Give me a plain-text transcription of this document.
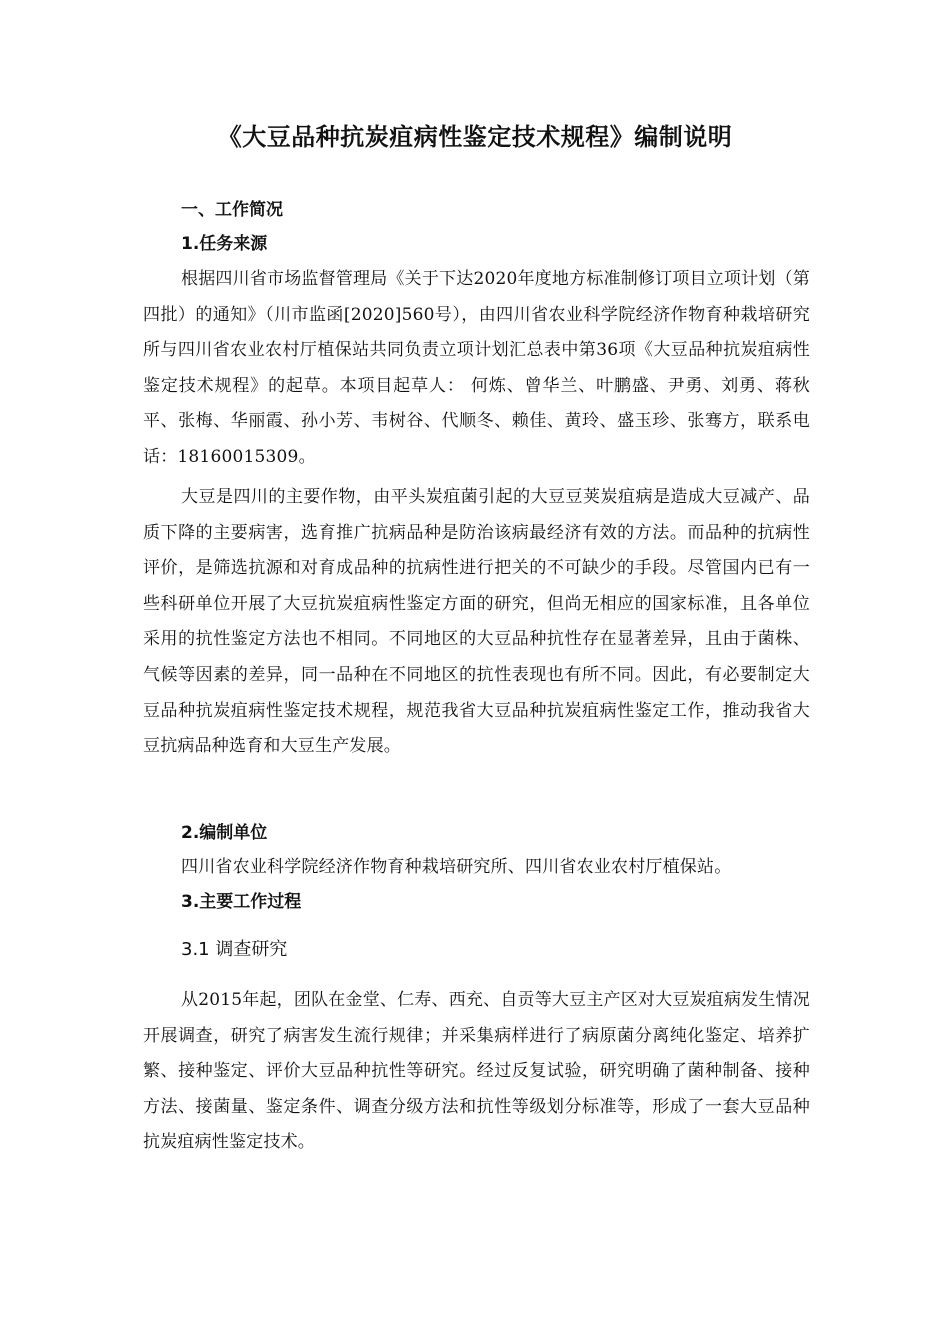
《大豆品种抗炭疽病性鉴定技术规程》编制说明
一、工作简况
1.任务来源

根据四川省市场监督管理局《关于下达2020年度地方标准制修订项目立项计划（第四批）的通知》（川市监函[2020]560号），由四川省农业科学院经济作物育种栽培研究所与四川省农业农村厅植保站共同负责立项计划汇总表中第36项《大豆品种抗炭疽病性鉴定技术规程》的起草。本项目起草人： 何炼、曾华兰、叶鹏盛、尹勇、刘勇、蒋秋平、张梅、华丽霞、孙小芳、韦树谷、代顺冬、赖佳、黄玲、盛玉珍、张骞方，联系电话：18160015309。

大豆是四川的主要作物，由平头炭疽菌引起的大豆豆荚炭疽病是造成大豆减产、品质下降的主要病害，选育推广抗病品种是防治该病最经济有效的方法。而品种的抗病性评价，是筛选抗源和对育成品种的抗病性进行把关的不可缺少的手段。尽管国内已有一些科研单位开展了大豆抗炭疽病性鉴定方面的研究，但尚无相应的国家标准，且各单位采用的抗性鉴定方法也不相同。不同地区的大豆品种抗性存在显著差异，且由于菌株、气候等因素的差异，同一品种在不同地区的抗性表现也有所不同。因此，有必要制定大豆品种抗炭疽病性鉴定技术规程，规范我省大豆品种抗炭疽病性鉴定工作，推动我省大豆抗病品种选育和大豆生产发展。

2.编制单位

四川省农业科学院经济作物育种栽培研究所、四川省农业农村厅植保站。

3.主要工作过程
3.1 调查研究

从2015年起，团队在金堂、仁寿、西充、自贡等大豆主产区对大豆炭疽病发生情况开展调查，研究了病害发生流行规律；并采集病样进行了病原菌分离纯化鉴定、培养扩繁、接种鉴定、评价大豆品种抗性等研究。经过反复试验，研究明确了菌种制备、接种方法、接菌量、鉴定条件、调查分级方法和抗性等级划分标准等，形成了一套大豆品种抗炭疽病性鉴定技术。
